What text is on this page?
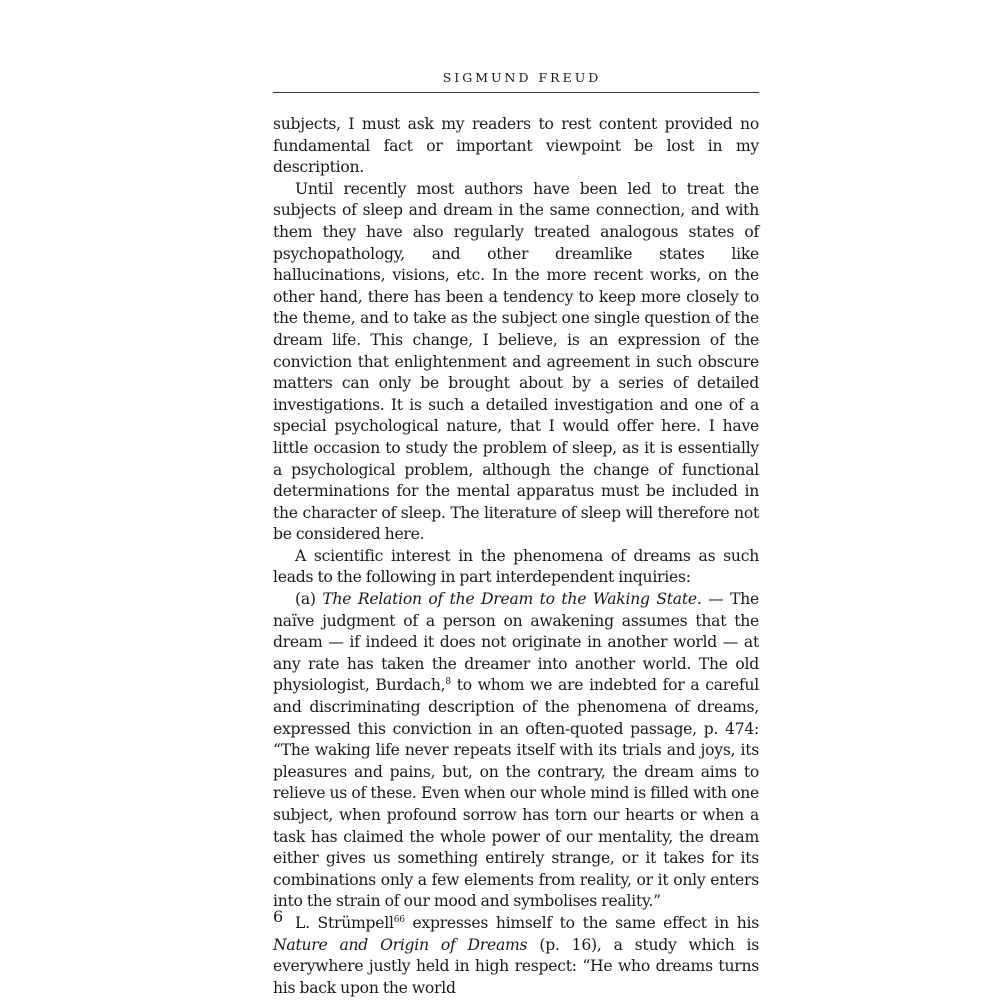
SIGMUND FREUD

subjects, I must ask my readers to rest content provided no fundamental fact or important viewpoint be lost in my description.

Until recently most authors have been led to treat the subjects of sleep and dream in the same connection, and with them they have also regularly treated analogous states of psychopathology, and other dreamlike states like hallucinations, visions, etc. In the more recent works, on the other hand, there has been a tendency to keep more closely to the theme, and to take as the subject one single question of the dream life. This change, I believe, is an expression of the conviction that enlightenment and agreement in such obscure matters can only be brought about by a series of detailed investigations. It is such a detailed investigation and one of a special psychological nature, that I would offer here. I have little occasion to study the problem of sleep, as it is essentially a psychological problem, although the change of functional determinations for the mental apparatus must be included in the character of sleep. The literature of sleep will therefore not be considered here.

A scientific interest in the phenomena of dreams as such leads to the following in part interdependent inquiries:

(a) The Relation of the Dream to the Waking State. — The naïve judgment of a person on awakening assumes that the dream — if indeed it does not originate in another world — at any rate has taken the dreamer into another world. The old physiologist, Burdach,$^8$ to whom we are indebted for a careful and discriminating description of the phenomena of dreams, expressed this conviction in an often-quoted passage, p. 474: “The waking life never repeats itself with its trials and joys, its pleasures and pains, but, on the contrary, the dream aims to relieve us of these. Even when our whole mind is filled with one subject, when profound sorrow has torn our hearts or when a task has claimed the whole power of our mentality, the dream either gives us something entirely strange, or it takes for its combinations only a few elements from reality, or it only enters into the strain of our mood and symbolises reality.”

L. Strümpell$^{66}$ expresses himself to the same effect in his Nature and Origin of Dreams (p. 16), a study which is everywhere justly held in high respect: “He who dreams turns his back upon the world

6
